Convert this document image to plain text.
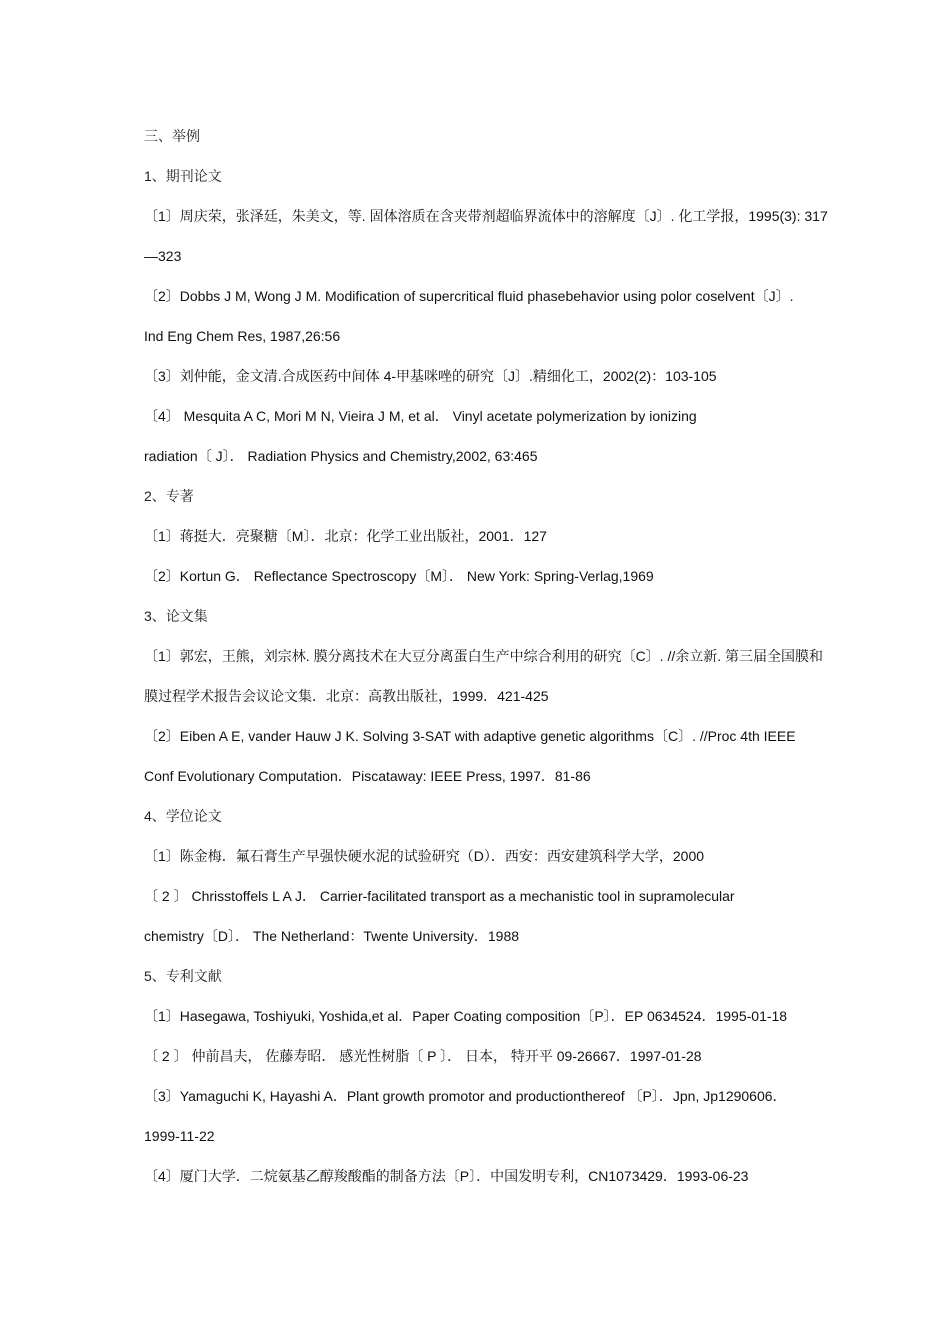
三、举例
1、期刊论文
〔1〕周庆荣，张泽廷，朱美文，等. 固体溶质在含夹带剂超临界流体中的溶解度〔J〕. 化工学报，1995(3): 317
—323
〔2〕Dobbs J M, Wong J M. Modification of supercritical fluid phasebehavior using polor coselvent〔J〕.
Ind Eng Chem Res, 1987,26:56
〔3〕刘仲能，金文清.合成医药中间体 4-甲基咪唑的研究〔J〕.精细化工，2002(2)：103-105
〔4〕 Mesquita A C, Mori M N, Vieira J M, et al． Vinyl acetate polymerization by ionizing
radiation〔 J〕． Radiation Physics and Chemistry,2002, 63:465
2、专著
〔1〕蒋挺大．亮聚糖〔M〕．北京：化学工业出版社，2001．127
〔2〕Kortun G． Reflectance Spectroscopy〔M〕． New York: Spring-Verlag,1969
3、论文集
〔1〕郭宏，王熊，刘宗林. 膜分离技术在大豆分离蛋白生产中综合利用的研究〔C〕. //余立新. 第三届全国膜和
膜过程学术报告会议论文集．北京：高教出版社，1999．421-425
〔2〕Eiben A E, vander Hauw J K. Solving 3-SAT with adaptive genetic algorithms〔C〕. //Proc 4th IEEE
Conf Evolutionary Computation．Piscataway: IEEE Press, 1997．81-86
4、学位论文
〔1〕陈金梅．氟石膏生产早强快硬水泥的试验研究（D）．西安：西安建筑科学大学，2000
〔 2 〕 Chrisstoffels L A J． Carrier-facilitated transport as a mechanistic tool in supramolecular
chemistry〔D〕． The Netherland：Twente University．1988
5、专利文献
〔1〕Hasegawa, Toshiyuki, Yoshida,et al．Paper Coating composition〔P〕．EP 0634524．1995-01-18
〔 2 〕 仲前昌夫， 佐藤寿昭． 感光性树脂〔 P 〕． 日本， 特开平 09-26667．1997-01-28
〔3〕Yamaguchi K, Hayashi A．Plant growth promotor and productionthereof 〔P〕．Jpn, Jp1290606．
1999-11-22
〔4〕厦门大学．二烷氨基乙醇羧酸酯的制备方法〔P〕．中国发明专利，CN1073429．1993-06-23
